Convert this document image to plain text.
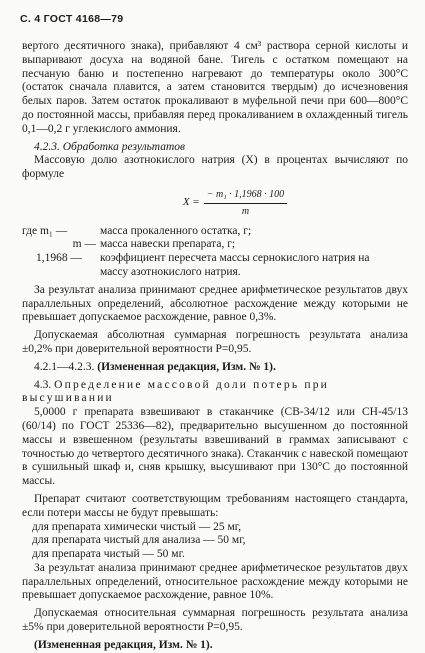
С. 4 ГОСТ 4168—79
вертого десятичного знака), прибавляют 4 см³ раствора серной кислоты и выпаривают досуха на водяной бане. Тигель с остатком помещают на песчаную баню и постепенно нагревают до температуры около 300°С (остаток сначала плавится, а затем становится твердым) до исчезновения белых паров. Затем остаток прокаливают в муфельной печи при 600—800°С до постоянной массы, прибавляя перед прокаливанием в охлажденный тигель 0,1—0,2 г углекислого аммония.
4.2.3. Обработка результатов
Массовую долю азотнокислого натрия (X) в процентах вычисляют по формуле
$X = \frac{\text{− m₁ · 1,1968 · 100}}{m}$
где m₁ —	масса прокаленного остатка, г;
m — масса навески препарата, г;
1,1968 —	коэффициент пересчета массы сернокислого натрия на
массу азотнокислого натрия.
За результат анализа принимают среднее арифметическое результатов двух параллельных определений, абсолютное расхождение между которыми не превышает допускаемое расхождение, равное 0,3%.
Допускаемая абсолютная суммарная погрешность результата анализа ±0,2% при доверительной вероятности P=0,95.
4.2.1—4.2.3. (Измененная редакция, Изм. № 1).
4.3. Определение массовой доли потерь при высушивании
5,0000 г препарата взвешивают в стаканчике (СВ-34/12 или СН-45/13 (60/14) по ГОСТ 25336—82), предварительно высушенном до постоянной массы и взвешенном (результаты взвешиваний в граммах записывают с точностью до четвертого десятичного знака). Стаканчик с навеской помещают в сушильный шкаф и, сняв крышку, высушивают при 130°С до постоянной массы.
Препарат считают соответствующим требованиям настоящего стандарта, если потери массы не будут превышать:
для препарата химически чистый — 25 мг,
для препарата чистый для анализа — 50 мг,
для препарата чистый — 50 мг.
За результат анализа принимают среднее арифметическое результатов двух параллельных определений, относительное расхождение между которыми не превышает допускаемое расхождение, равное 10%.
Допускаемая относительная суммарная погрешность результата анализа ±5% при доверительной вероятности P=0,95.
(Измененная редакция, Изм. № 1).
